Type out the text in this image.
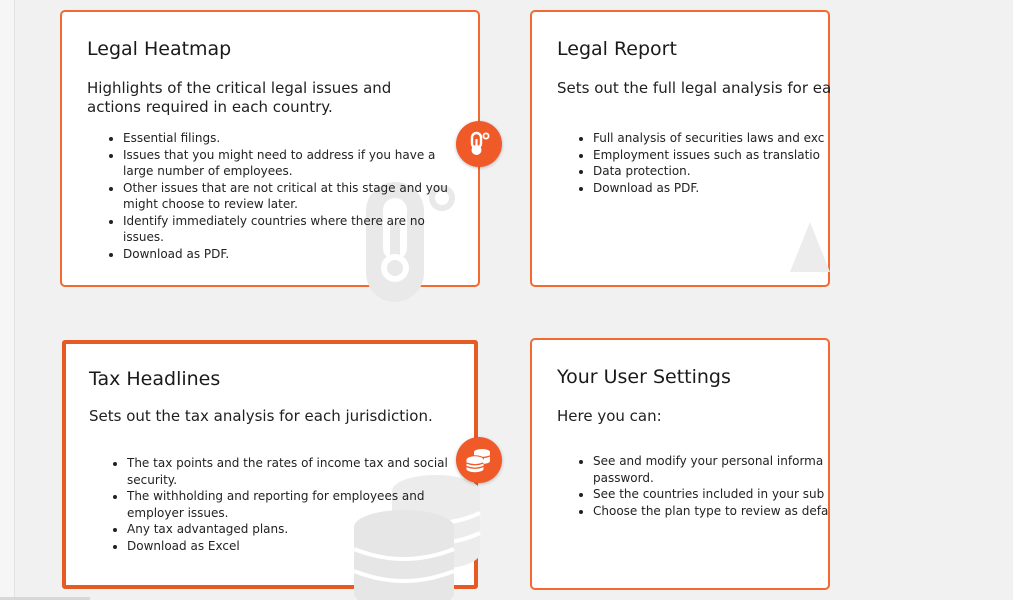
Legal Heatmap

Highlights of the critical legal issues and actions required in each country.

• Essential filings.
• Issues that you might need to address if you have a large number of employees.
• Other issues that are not critical at this stage and you might choose to review later.
• Identify immediately countries where there are no issues.
• Download as PDF.
Legal Report

Sets out the full legal analysis for ea

• Full analysis of securities laws and exc
• Employment issues such as translatio
• Data protection.
• Download as PDF.
Tax Headlines

Sets out the tax analysis for each jurisdiction.

• The tax points and the rates of income tax and social security.
• The withholding and reporting for employees and employer issues.
• Any tax advantaged plans.
• Download as Excel
Your User Settings

Here you can:

• See and modify your personal informa
password.
• See the countries included in your sub
• Choose the plan type to review as defa
